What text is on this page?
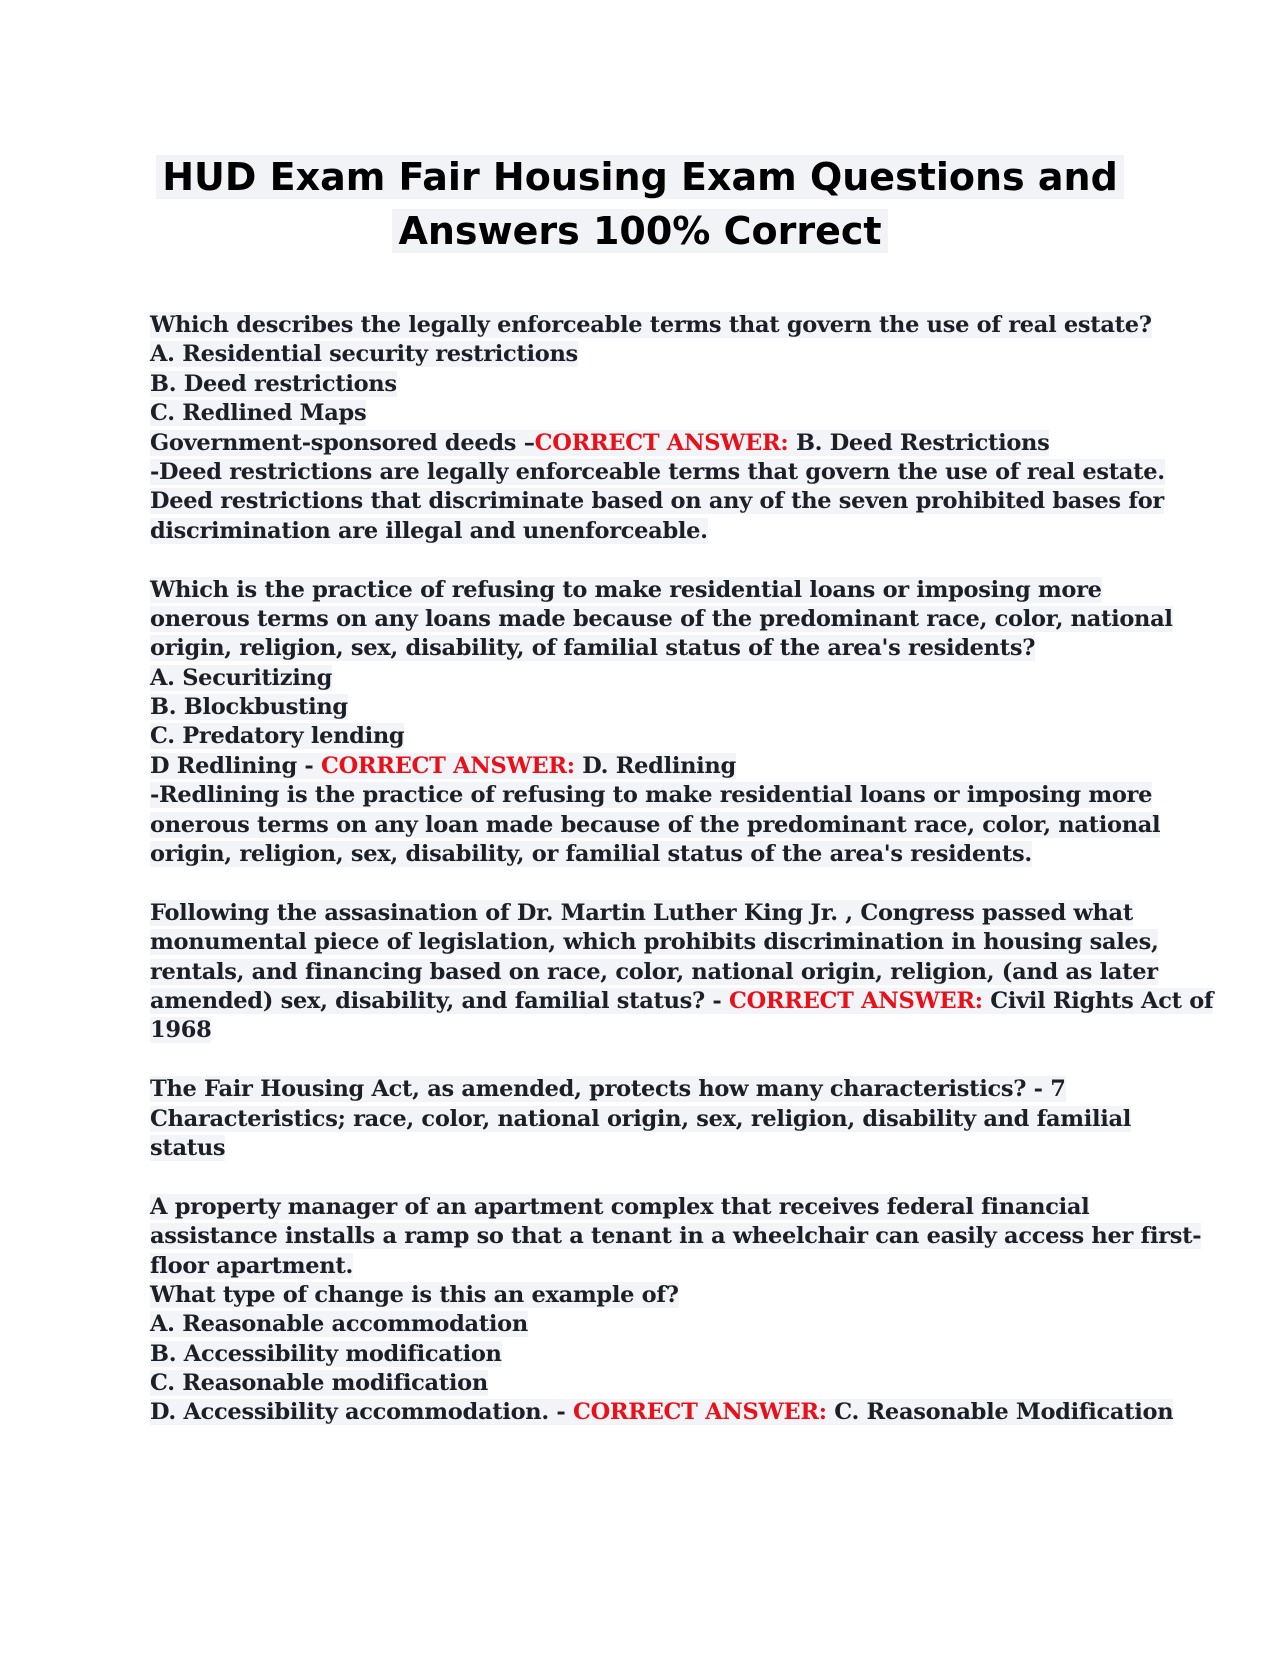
HUD Exam Fair Housing Exam Questions and
Answers 100% Correct
Which describes the legally enforceable terms that govern the use of real estate?
A. Residential security restrictions
B. Deed restrictions
C. Redlined Maps
Government-sponsored deeds –CORRECT ANSWER: B. Deed Restrictions
-Deed restrictions are legally enforceable terms that govern the use of real estate.
Deed restrictions that discriminate based on any of the seven prohibited bases for
discrimination are illegal and unenforceable.
Which is the practice of refusing to make residential loans or imposing more
onerous terms on any loans made because of the predominant race, color, national
origin, religion, sex, disability, of familial status of the area's residents?
A. Securitizing
B. Blockbusting
C. Predatory lending
D Redlining - CORRECT ANSWER: D. Redlining
-Redlining is the practice of refusing to make residential loans or imposing more
onerous terms on any loan made because of the predominant race, color, national
origin, religion, sex, disability, or familial status of the area's residents.
Following the assasination of Dr. Martin Luther King Jr. , Congress passed what
monumental piece of legislation, which prohibits discrimination in housing sales,
rentals, and financing based on race, color, national origin, religion, (and as later
amended) sex, disability, and familial status? - CORRECT ANSWER: Civil Rights Act of
1968
The Fair Housing Act, as amended, protects how many characteristics? - 7
Characteristics; race, color, national origin, sex, religion, disability and familial
status
A property manager of an apartment complex that receives federal financial
assistance installs a ramp so that a tenant in a wheelchair can easily access her first-
floor apartment.
What type of change is this an example of?
A. Reasonable accommodation
B. Accessibility modification
C. Reasonable modification
D. Accessibility accommodation. - CORRECT ANSWER: C. Reasonable Modification
